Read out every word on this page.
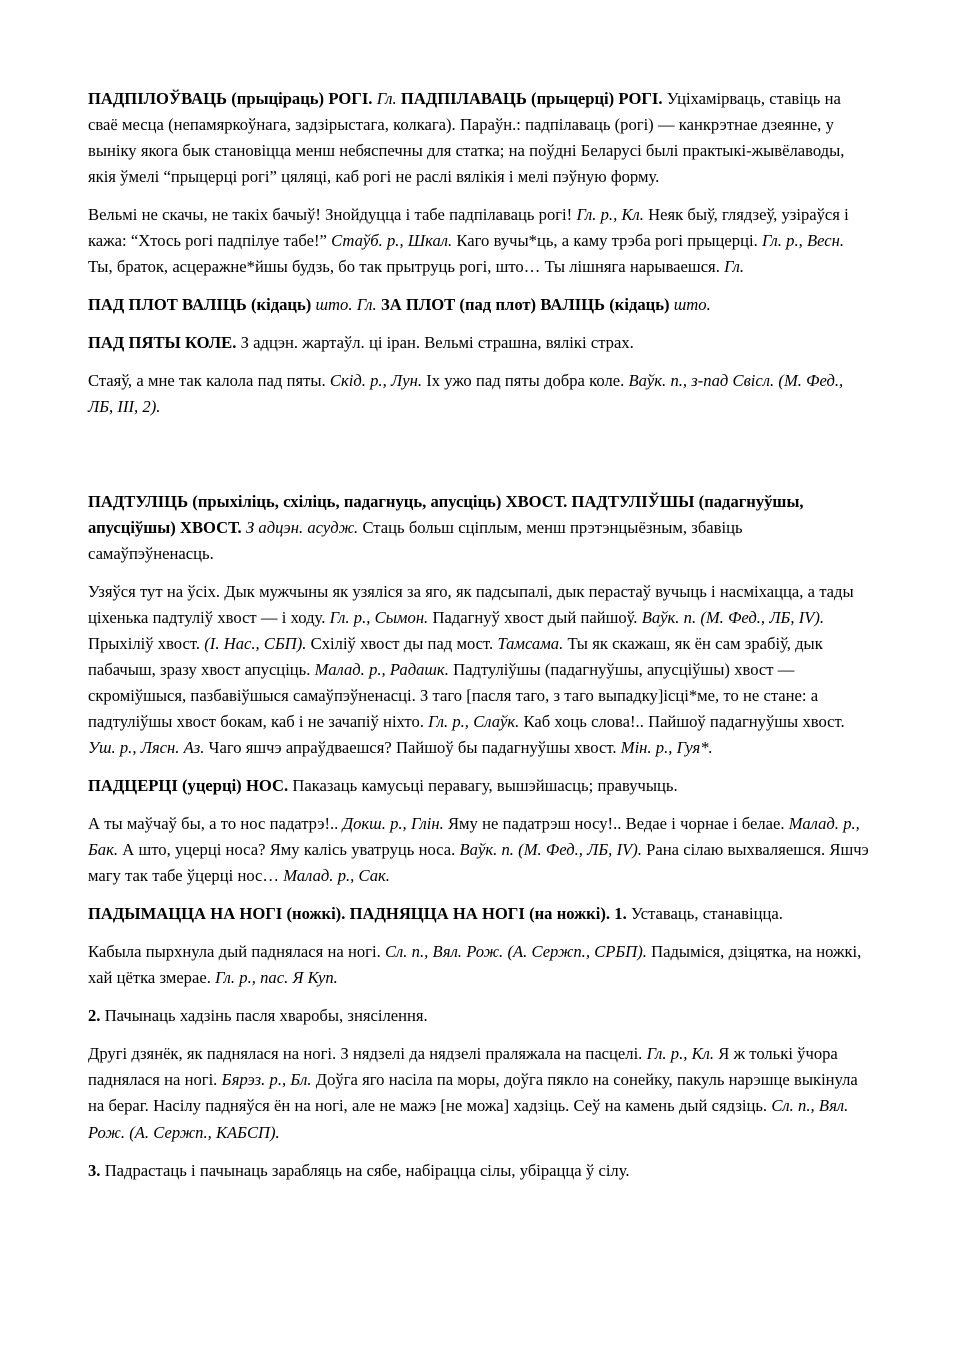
ПАДПІЛОЎВАЦЬ (прыціраць) РОГІ. Гл. ПАДПІЛАВАЦЬ (прыцерці) РОГІ. Уціхамірваць, ставіць на сваё месца (непамяркоўнага, задзірыстага, колкага). Параўн.: падпілаваць (рогі) — канкрэтнае дзеянне, у выніку якога бык становіцца менш небяспечны для статка; на поўдні Беларусі былі практыкі-жывёлаводы, якія ўмелі “прыцерці рогі” цяляці, каб рогі не раслі вялікія і мелі пэўную форму.

Вельмі не скачы, не такіх бачыў! Знойдуцца і табе падпілаваць рогі! Гл. р., Кл. Неяк быў, глядзеў, узіраўся і кажа: “Хтось рогі падпілуе табе!” Стаўб. р., Шкал. Каго вучы*ць, а каму трэба рогі прыцерці. Гл. р., Весн. Ты, браток, асцеражне*йшы будзь, бо так прытруць рогі, што… Ты лішняга нарываешся. Гл.

ПАД ПЛОТ ВАЛІЦЬ (кідаць) што. Гл. ЗА ПЛОТ (пад плот) ВАЛІЦЬ (кідаць) што.

ПАД ПЯТЫ КОЛЕ. З адцэн. жартаўл. ці іран. Вельмі страшна, вялікі страх.

Стаяў, а мне так калола пад пяты. Скід. р., Лун. Іх ужо пад пяты добра коле. Ваўк. п., з-пад Свісл. (М. Фед., ЛБ, III, 2).

ПАДТУЛІЦЬ (прыхіліць, схіліць, падагнуць, апусціць) ХВОСТ. ПАДТУЛІЎШЫ (падагнуўшы, апусціўшы) ХВОСТ. З адцэн. асудж. Стаць больш сціплым, менш прэтэнцыёзным, збавіць самаўпэўненасць.

Узяўся тут на ўсіх. Дык мужчыны як узяліся за яго, як падсыпалі, дык перастаў вучыць і насміхацца, а тады ціхенька падтуліў хвост — і ходу. Гл. р., Сымон. Падагнуў хвост дый пайшоў. Ваўк. п. (М. Фед., ЛБ, IV). Прыхіліў хвост. (І. Нас., СБП). Схіліў хвост ды пад мост. Тамсама. Ты як скажаш, як ён сам зрабіў, дык пабачыш, зразу хвост апусціць. Малад. р., Радашк. Падтуліўшы (падагнуўшы, апусціўшы) хвост — скроміўшыся, пазбавіўшыся самаўпэўненасці. З таго [пасля таго, з таго выпадку]ісці*ме, то не стане: а падтуліўшы хвост бокам, каб і не зачапіў ніхто. Гл. р., Слаўк. Каб хоць слова!.. Пайшоў падагнуўшы хвост. Уш. р., Лясн. Аз. Чаго яшчэ апраўдваешся? Пайшоў бы падагнуўшы хвост. Мін. р., Гуя*.

ПАДЦЕРЦІ (уцерці) НОС. Паказаць камусьці перавагу, вышэйшасць; правучыць.

А ты маўчаў бы, а то нос падатрэ!.. Докш. р., Глін. Яму не падатрэш носу!.. Ведае і чорнае і белае. Малад. р., Бак. А што, уцерці носа? Яму калісь уватруць носа. Ваўк. п. (М. Фед., ЛБ, IV). Рана сілаю выхваляешся. Яшчэ магу так табе ўцерці нос… Малад. р., Сак.

ПАДЫМАЦЦА НА НОГІ (ножкі). ПАДНЯЦЦА НА НОГІ (на ножкі). 1. Уставаць, станавіцца.

Кабыла пырхнула дый паднялася на ногі. Сл. п., Вял. Рож. (А. Сержп., СРБП). Падыміся, дзіцятка, на ножкі, хай цётка змерае. Гл. р., пас. Я Куп.

2. Пачынаць хадзінь пасля хваробы, знясілення.

Другі дзянёк, як паднялася на ногі. З нядзелі да нядзелі праляжала на пасцелі. Гл. р., Кл. Я ж толькі ўчора паднялася на ногі. Бярэз. р., Бл. Доўга яго насіла па моры, доўга пякло на сонейку, пакуль нарэшце выкінула на бераг. Насілу падняўся ён на ногі, але не мажэ [не можа] хадзіць. Сеў на камень дый сядзіць. Сл. п., Вял. Рож. (А. Сержп., КАБСП).

3. Падрастаць і пачынаць зарабляць на сябе, набірацца сілы, убірацца ў сілу.
